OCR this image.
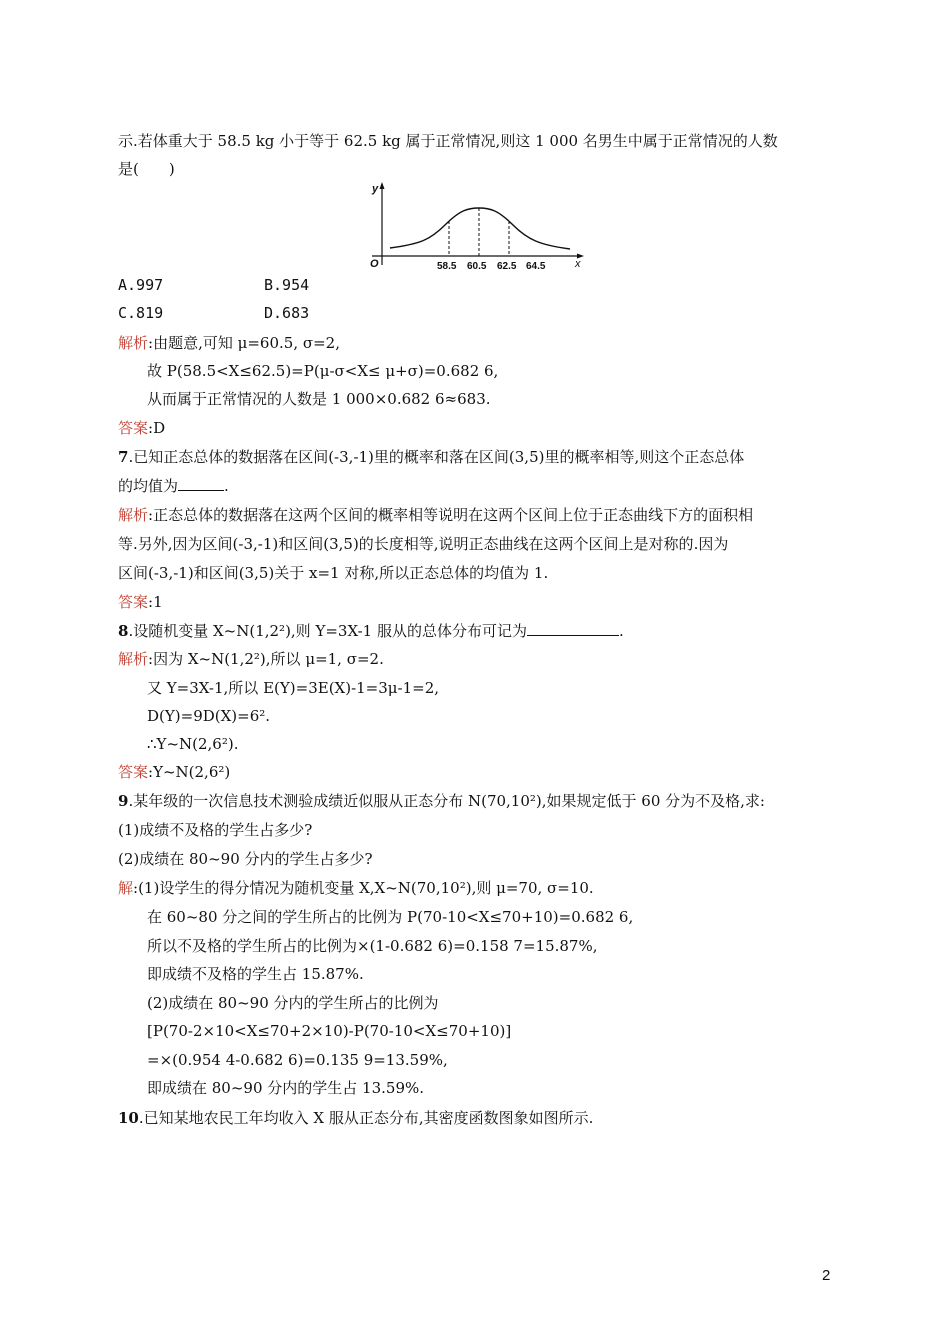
示.若体重大于 58.5 kg 小于等于 62.5 kg 属于正常情况,则这 1 000 名男生中属于正常情况的人数
是(　　)
y
O	x
58.5 60.5 62.5 64.5
A.997	B.954
C.819	D.683
解析:由题意,可知 μ=60.5, σ=2,
故 P(58.5<X≤62.5)=P(μ-σ<X≤ μ+σ)=0.682 6,
从而属于正常情况的人数是 1 000×0.682 6≈683.
答案:D
7.已知正态总体的数据落在区间(-3,-1)里的概率和落在区间(3,5)里的概率相等,则这个正态总体
的均值为	.
解析:正态总体的数据落在这两个区间的概率相等说明在这两个区间上位于正态曲线下方的面积相
等.另外,因为区间(-3,-1)和区间(3,5)的长度相等,说明正态曲线在这两个区间上是对称的.因为
区间(-3,-1)和区间(3,5)关于 x=1 对称,所以正态总体的均值为 1.
答案:1
8.设随机变量 X~N(1,2²),则 Y=3X-1 服从的总体分布可记为	.
解析:因为 X~N(1,2²),所以 μ=1, σ=2.
又 Y=3X-1,所以 E(Y)=3E(X)-1=3μ-1=2,
D(Y)=9D(X)=6².
∴Y~N(2,6²).
答案:Y~N(2,6²)
9.某年级的一次信息技术测验成绩近似服从正态分布 N(70,10²),如果规定低于 60 分为不及格,求:
(1)成绩不及格的学生占多少?
(2)成绩在 80~90 分内的学生占多少?
解:(1)设学生的得分情况为随机变量 X,X~N(70,10²),则 μ=70, σ=10.
在 60~80 分之间的学生所占的比例为 P(70-10<X≤70+10)=0.682 6,
所以不及格的学生所占的比例为×(1-0.682 6)=0.158 7=15.87%,
即成绩不及格的学生占 15.87%.
(2)成绩在 80~90 分内的学生所占的比例为
[P(70-2×10<X≤70+2×10)-P(70-10<X≤70+10)]
=×(0.954 4-0.682 6)=0.135 9=13.59%,
即成绩在 80~90 分内的学生占 13.59%.
10.已知某地农民工年均收入 X 服从正态分布,其密度函数图象如图所示.
2
